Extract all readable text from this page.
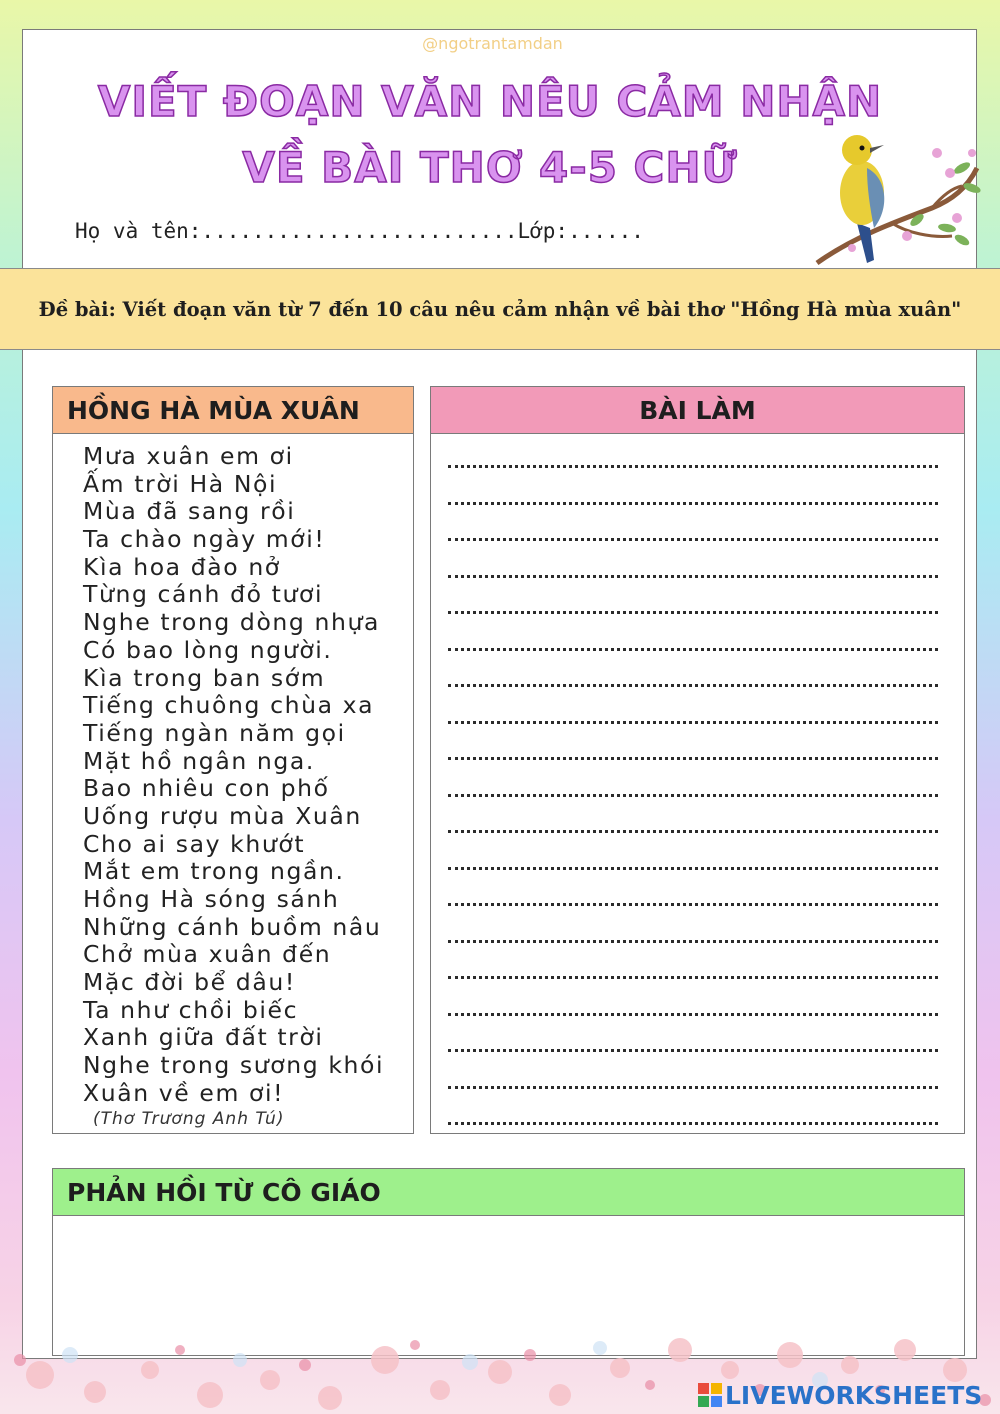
@ngotrantamdan
VIẾT ĐOẠN VĂN NÊU CẢM NHẬN
VỀ BÀI THƠ 4-5 CHỮ
Họ và tên:.........................Lớp:......
Đề bài: Viết đoạn văn từ 7 đến 10 câu nêu cảm nhận về bài thơ "Hồng Hà mùa xuân"
HỒNG HÀ MÙA XUÂN
Mưa xuân em ơi
Ấm trời Hà Nội
Mùa đã sang rồi
Ta chào ngày mới!
Kìa hoa đào nở
Từng cánh đỏ tươi
Nghe trong dòng nhựa
Có bao lòng người.
Kìa trong ban sớm
Tiếng chuông chùa xa
Tiếng ngàn năm gọi
Mặt hồ ngân nga.
Bao nhiêu con phố
Uống rượu mùa Xuân
Cho ai say khướt
Mắt em trong ngần.
Hồng Hà sóng sánh
Những cánh buồm nâu
Chở mùa xuân đến
Mặc đời bể dâu!
Ta như chồi biếc
Xanh giữa đất trời
Nghe trong sương khói
Xuân về em ơi!
(Thơ Trương Anh Tú)
BÀI LÀM
PHẢN HỒI TỪ CÔ GIÁO
LIVEWORKSHEETS
